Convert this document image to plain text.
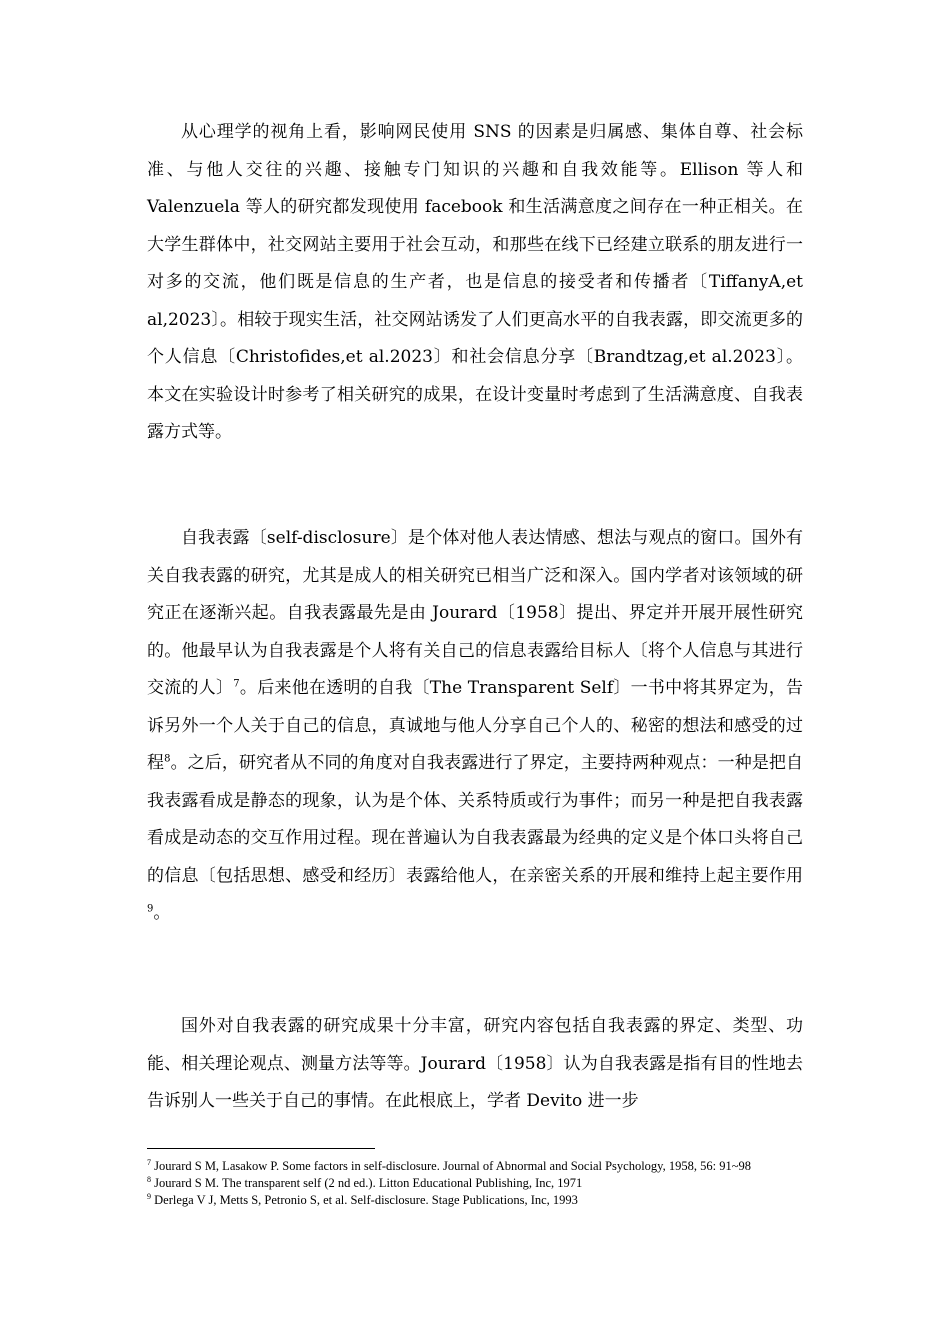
从心理学的视角上看，影响网民使用 SNS 的因素是归属感、集体自尊、社会标准、与他人交往的兴趣、接触专门知识的兴趣和自我效能等。Ellison 等人和 Valenzuela 等人的研究都发现使用 facebook 和生活满意度之间存在一种正相关。在大学生群体中，社交网站主要用于社会互动，和那些在线下已经建立联系的朋友进行一对多的交流，他们既是信息的生产者，也是信息的接受者和传播者〔TiffanyA,et al,2023〕。相较于现实生活，社交网站诱发了人们更高水平的自我表露，即交流更多的个人信息〔Christofides,et al.2023〕和社会信息分享〔Brandtzag,et al.2023〕。本文在实验设计时参考了相关研究的成果，在设计变量时考虑到了生活满意度、自我表露方式等。

自我表露〔self-disclosure〕是个体对他人表达情感、想法与观点的窗口。国外有关自我表露的研究，尤其是成人的相关研究已相当广泛和深入。国内学者对该领域的研究正在逐渐兴起。自我表露最先是由 Jourard〔1958〕提出、界定并开展开展性研究的。他最早认为自我表露是个人将有关自己的信息表露给目标人〔将个人信息与其进行交流的人〕$^7$。后来他在透明的自我〔The Transparent Self〕一书中将其界定为，告诉另外一个人关于自己的信息，真诚地与他人分享自己个人的、秘密的想法和感受的过程$^8$。之后，研究者从不同的角度对自我表露进行了界定，主要持两种观点：一种是把自我表露看成是静态的现象，认为是个体、关系特质或行为事件；而另一种是把自我表露看成是动态的交互作用过程。现在普遍认为自我表露最为经典的定义是个体口头将自己的信息〔包括思想、感受和经历〕表露给他人，在亲密关系的开展和维持上起主要作用$^9$。

国外对自我表露的研究成果十分丰富，研究内容包括自我表露的界定、类型、功能、相关理论观点、测量方法等等。Jourard〔1958〕认为自我表露是指有目的性地去告诉别人一些关于自己的事情。在此根底上，学者 Devito 进一步

$^7$ Jourard S M, Lasakow P. Some factors in self-disclosure. Journal of Abnormal and Social Psychology, 1958, 56: 91~98

$^8$ Jourard S M. The transparent self (2 nd ed.). Litton Educational Publishing, Inc, 1971

$^9$ Derlega V J, Metts S, Petronio S, et al. Self-disclosure. Stage Publications, Inc, 1993
